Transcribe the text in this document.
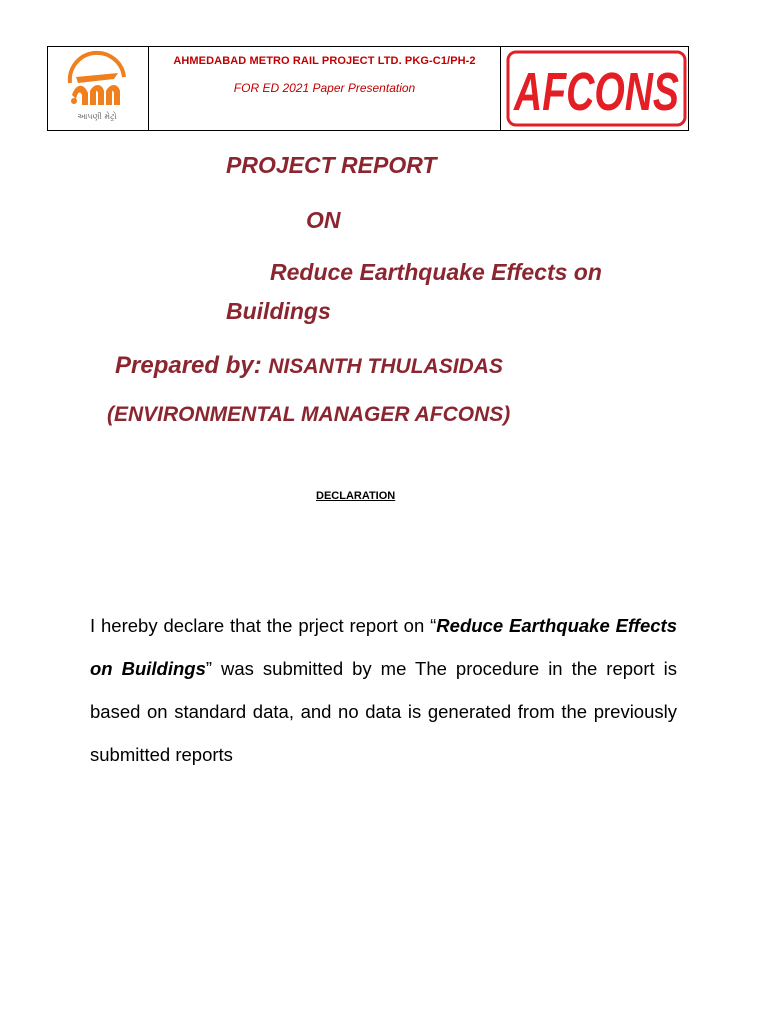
આપણી મેટ્રો
AHMEDABAD METRO RAIL PROJECT LTD. PKG-C1/PH-2
FOR ED 2021 Paper Presentation	AFCONS
PROJECT REPORT
ON
Reduce Earthquake Effects on
Buildings
Prepared by: NISANTH THULASIDAS
(ENVIRONMENTAL MANAGER AFCONS)
DECLARATION
I hereby declare that the prject report on “Reduce Earthquake Effects on Buildings” was submitted by me The procedure in the report is based on standard data, and no data is generated from the previously submitted reports
